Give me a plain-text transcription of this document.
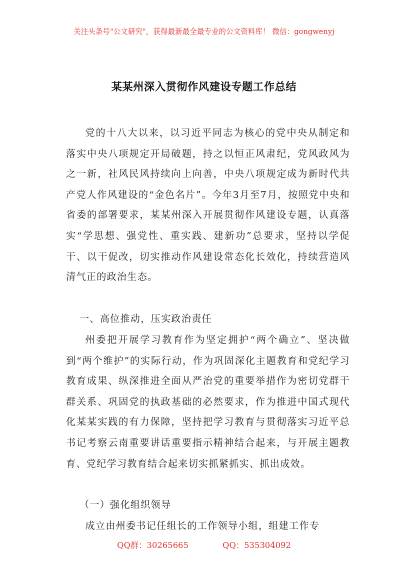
关注头条号"公文研究"，获得最新最全最专业的公文资料库！ 微信：gongwenyj
某某州深入贯彻作风建设专题工作总结

党的十八大以来，以习近平同志为核心的党中央从制定和落实中央八项规定开局破题，持之以恒正风肃纪，党风政风为之一新，社风民风持续向上向善，中央八项规定成为新时代共产党人作风建设的“金色名片”。今年3月至7月，按照党中央和省委的部署要求，某某州深入开展贯彻作风建设专题，认真落实“学思想、强党性、重实践、建新功”总要求，坚持以学促干、以干促改，切实推动作风建设常态化长效化，持续营造风清气正的政治生态。

一、高位推动，压实政治责任

州委把开展学习教育作为坚定拥护“两个确立”、坚决做到“两个维护”的实际行动，作为巩固深化主题教育和党纪学习教育成果、纵深推进全面从严治党的重要举措作为密切党群干群关系、巩固党的执政基础的必然要求，作为推进中国式现代化某某实践的有力保障，坚持把学习教育与贯彻落实习近平总书记考察云南重要讲话重要指示精神结合起来，与开展主题教育、党纪学习教育结合起来切实抓紧抓实、抓出成效。

（一）强化组织领导

成立由州委书记任组长的工作领导小组，组建工作专

QQ群：30265665	QQ：535304092
